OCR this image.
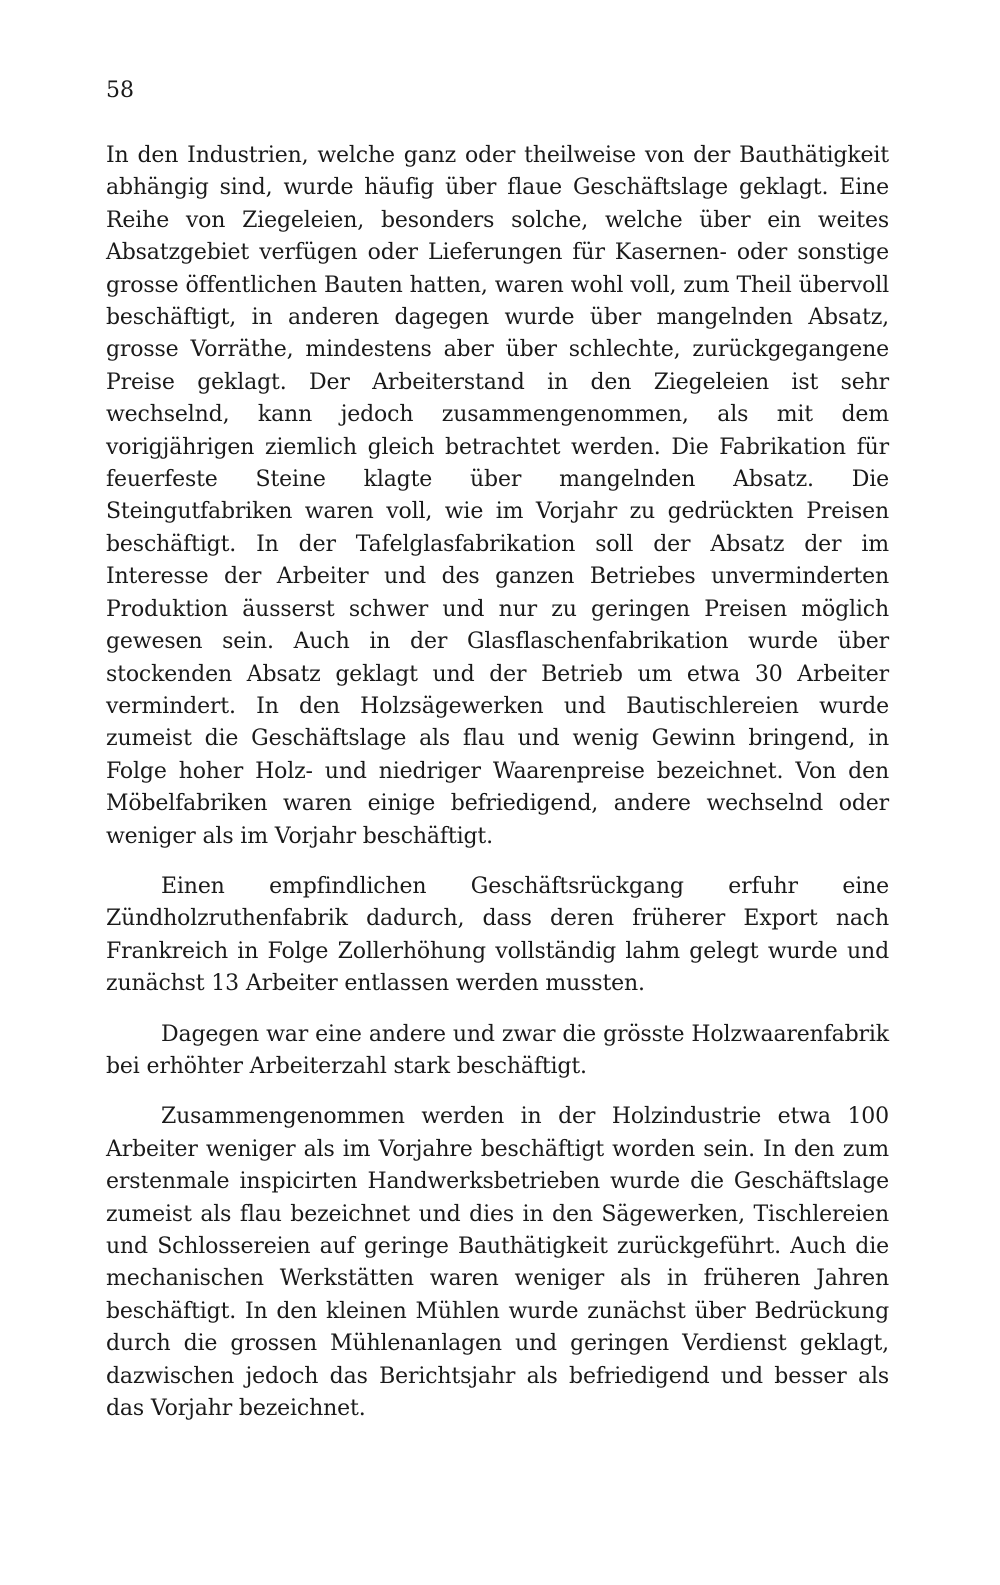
58

In den Industrien, welche ganz oder theilweise von der Bauthätigkeit abhängig sind, wurde häufig über flaue Geschäftslage geklagt. Eine Reihe von Ziegeleien, besonders solche, welche über ein weites Absatzgebiet verfügen oder Lieferungen für Kasernen- oder sonstige grosse öffentlichen Bauten hatten, waren wohl voll, zum Theil übervoll beschäftigt, in anderen dagegen wurde über mangelnden Absatz, grosse Vorräthe, mindestens aber über schlechte, zurückgegangene Preise geklagt. Der Arbeiterstand in den Ziegeleien ist sehr wechselnd, kann jedoch zusammengenommen, als mit dem vorigjährigen ziemlich gleich betrachtet werden. Die Fabrikation für feuerfeste Steine klagte über mangelnden Absatz. Die Steingutfabriken waren voll, wie im Vorjahr zu gedrückten Preisen beschäftigt. In der Tafelglasfabrikation soll der Absatz der im Interesse der Arbeiter und des ganzen Betriebes unverminderten Produktion äusserst schwer und nur zu geringen Preisen möglich gewesen sein. Auch in der Glasflaschenfabrikation wurde über stockenden Absatz geklagt und der Betrieb um etwa 30 Arbeiter vermindert. In den Holzsägewerken und Bautischlereien wurde zumeist die Geschäftslage als flau und wenig Gewinn bringend, in Folge hoher Holz- und niedriger Waarenpreise bezeichnet. Von den Möbelfabriken waren einige befriedigend, andere wechselnd oder weniger als im Vorjahr beschäftigt.

Einen empfindlichen Geschäftsrückgang erfuhr eine Zündholzruthenfabrik dadurch, dass deren früherer Export nach Frankreich in Folge Zollerhöhung vollständig lahm gelegt wurde und zunächst 13 Arbeiter entlassen werden mussten.

Dagegen war eine andere und zwar die grösste Holzwaarenfabrik bei erhöhter Arbeiterzahl stark beschäftigt.

Zusammengenommen werden in der Holzindustrie etwa 100 Arbeiter weniger als im Vorjahre beschäftigt worden sein. In den zum erstenmale inspicirten Handwerksbetrieben wurde die Geschäftslage zumeist als flau bezeichnet und dies in den Sägewerken, Tischlereien und Schlossereien auf geringe Bauthätigkeit zurückgeführt. Auch die mechanischen Werkstätten waren weniger als in früheren Jahren beschäftigt. In den kleinen Mühlen wurde zunächst über Bedrückung durch die grossen Mühlenanlagen und geringen Verdienst geklagt, dazwischen jedoch das Berichtsjahr als befriedigend und besser als das Vorjahr bezeichnet.
